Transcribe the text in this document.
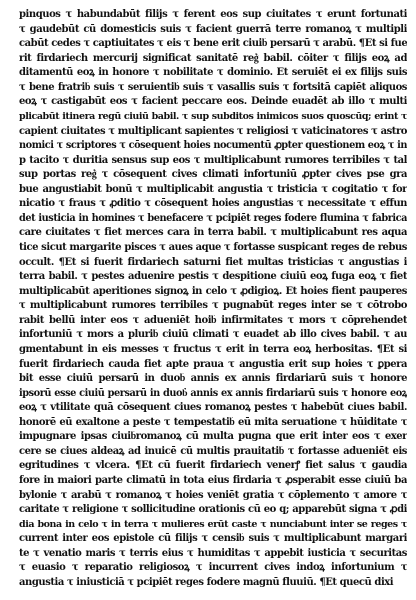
pinquos τ habundabūt filijs τ ferent eos sup ciuitates τ erunt fortunati
τ gaudebūt cū domesticis suis τ facient guerrā terre romanoꝝ τ multipli
cabūt cedes τ captiuitates τ eis τ bene erit ciuib͛ persarū τ arabū. ¶Et si fue
rit firdariech mercurij significat sanitatē reg͛ babil. cōiter τ filijs eoꝝ ad
ditamentū eoꝝ in honore τ nobilitate τ dominio. Et seruiēt ei ex filijs suis
τ bene fratrib͛ suis τ seruientib͛ suis τ vasallis suis τ fortsitā capiēt aliquos
eoꝝ τ castigabūt eos τ facient peccare eos. Deinde euadēt ab illo τ multi
plicabūt itinera regū ciuiū babil. τ sup subditos inimicos suos quoscūq; erint τ
capient ciuitates τ multiplicant sapientes τ religiosi τ vaticinatores τ astro
nomici τ scriptores τ cōsequent hoies nocumentū ꝓpter questionem eoꝝ τ in
p tacito τ duritia sensus sup eos τ multiplicabunt rumores terribiles τ tal
sup portas reg͛ τ cōsequent cives climati infortuniū ꝓpter cives pse gra
bue angustiabit bonū τ multiplicabit angustia τ tristicia τ cogitatio τ for
nicatio τ fraus τ ꝓditio τ cōsequent hoies angustias τ necessitate τ effun
det iusticia in homines τ benefacere τ pcipiēt reges fodere flumina τ fabrica
care ciuitates τ fiet merces cara in terra babil. τ multiplicabunt res aqua
tice sicut margarite pisces τ aues aque τ fortasse suspicant reges de rebus
occult. ¶Et si fuerit firdariech saturni fiet multas tristicias τ angustias i
terra babil. τ pestes aduenire pestis τ despitione ciuiū eoꝝ fuga eoꝝ τ fiet
multiplicabūt aperitiones signoꝝ in celo τ ꝓdigioꝝ. Et hoies fient pauperes
τ multiplicabunt rumores terribiles τ pugnabūt reges inter se τ cōtrobo
rabit bellū inter eos τ adueniēt hoib͛ infirmitates τ mors τ cōprehendet
infortuniū τ mors a plurib͛ ciuiū climati τ euadet ab illo cives babil. τ au
gmentabunt in eis messes τ fructus τ erit in terra eoꝝ herbositas. ¶Et si
fuerit firdariech cauda fiet apte praua τ angustia erit sup hoies τ ꝑpera
bit esse ciuiū persarū in duob͛ annis ex annis firdariarū suis τ honore
ipsorū esse ciuiū persarū in duob͛ annis ex annis firdariarū suis τ honore eoꝝ
eoꝝ τ vtilitate quā cōsequent ciues romanoꝝ pestes τ habebūt ciues babil.
honorē eū exaltone a peste τ tempestatib͛ eū mita seruatione τ hūiditate τ
impugnare ipsas ciuib͛romanoꝝ cū multa pugna que erit inter eos τ exer
cere se ciues aldeaꝝ ad inuicē cū multis prauitatib͛ τ fortasse adueniēt eis
egritudines τ vlcera. ¶Et cū fuerit firdariech venerꝭ fiet salus τ gaudia
fore in maiori parte climatū in tota eius firdaria τ ꝓsperabit esse ciuiū ba
bylonie τ arabū τ romanoꝝ τ hoies veniēt gratia τ cōplemento τ amore τ
caritate τ religione τ sollicitudine orationis cū eo q; apparebūt signa τ ꝓdi
dia bona in celo τ in terra τ mulieres erūt caste τ nunciabunt inter se reges τ
current inter eos epistole cū filijs τ censib͛ suis τ multiplicabunt margari
te τ venatio maris τ terris eius τ humiditas τ appebit iusticia τ securitas
τ euasio τ reparatio religiosoꝝ τ incurrent cives indoꝝ infortunium τ
angustia τ iniusticiā τ pcipiēt reges fodere magnū fluuiū. ¶Et quecū dixi
